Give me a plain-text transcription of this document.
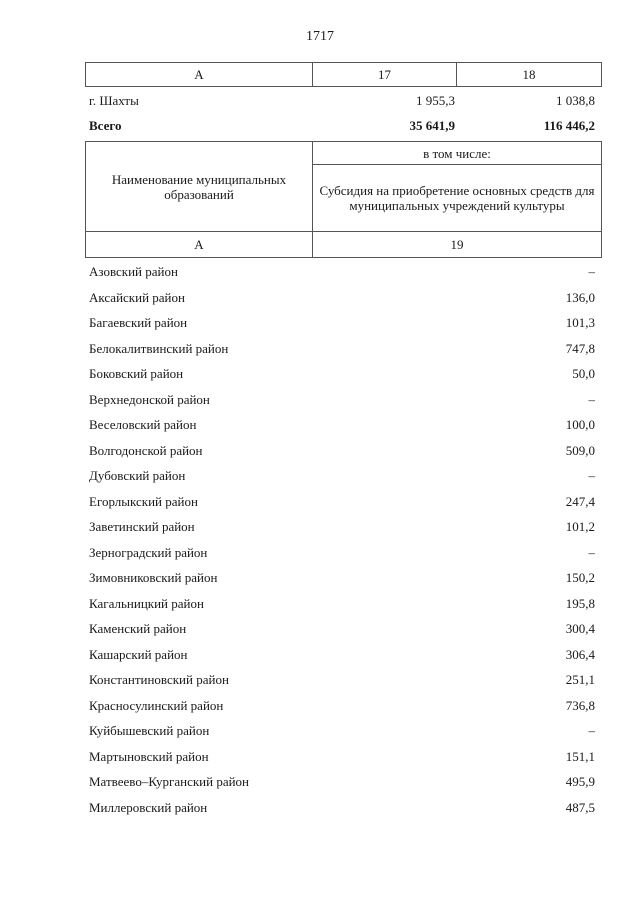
1717
А	17	18
г. Шахты	1 955,3	1 038,8
Всего	35 641,9	116 446,2
Наименование муниципальных образований	в том числе:
	Субсидия на приобретение основных средств для муниципальных учреждений культуры
А	19
Азовский район	–
Аксайский район	136,0
Багаевский район	101,3
Белокалитвинский район	747,8
Боковский район	50,0
Верхнедонской район	–
Веселовский район	100,0
Волгодонской район	509,0
Дубовский район	–
Егорлыкский район	247,4
Заветинский район	101,2
Зерноградский район	–
Зимовниковский район	150,2
Кагальницкий район	195,8
Каменский район	300,4
Кашарский район	306,4
Константиновский район	251,1
Красносулинский район	736,8
Куйбышевский район	–
Мартыновский район	151,1
Матвеево–Курганский район	495,9
Миллеровский район	487,5
